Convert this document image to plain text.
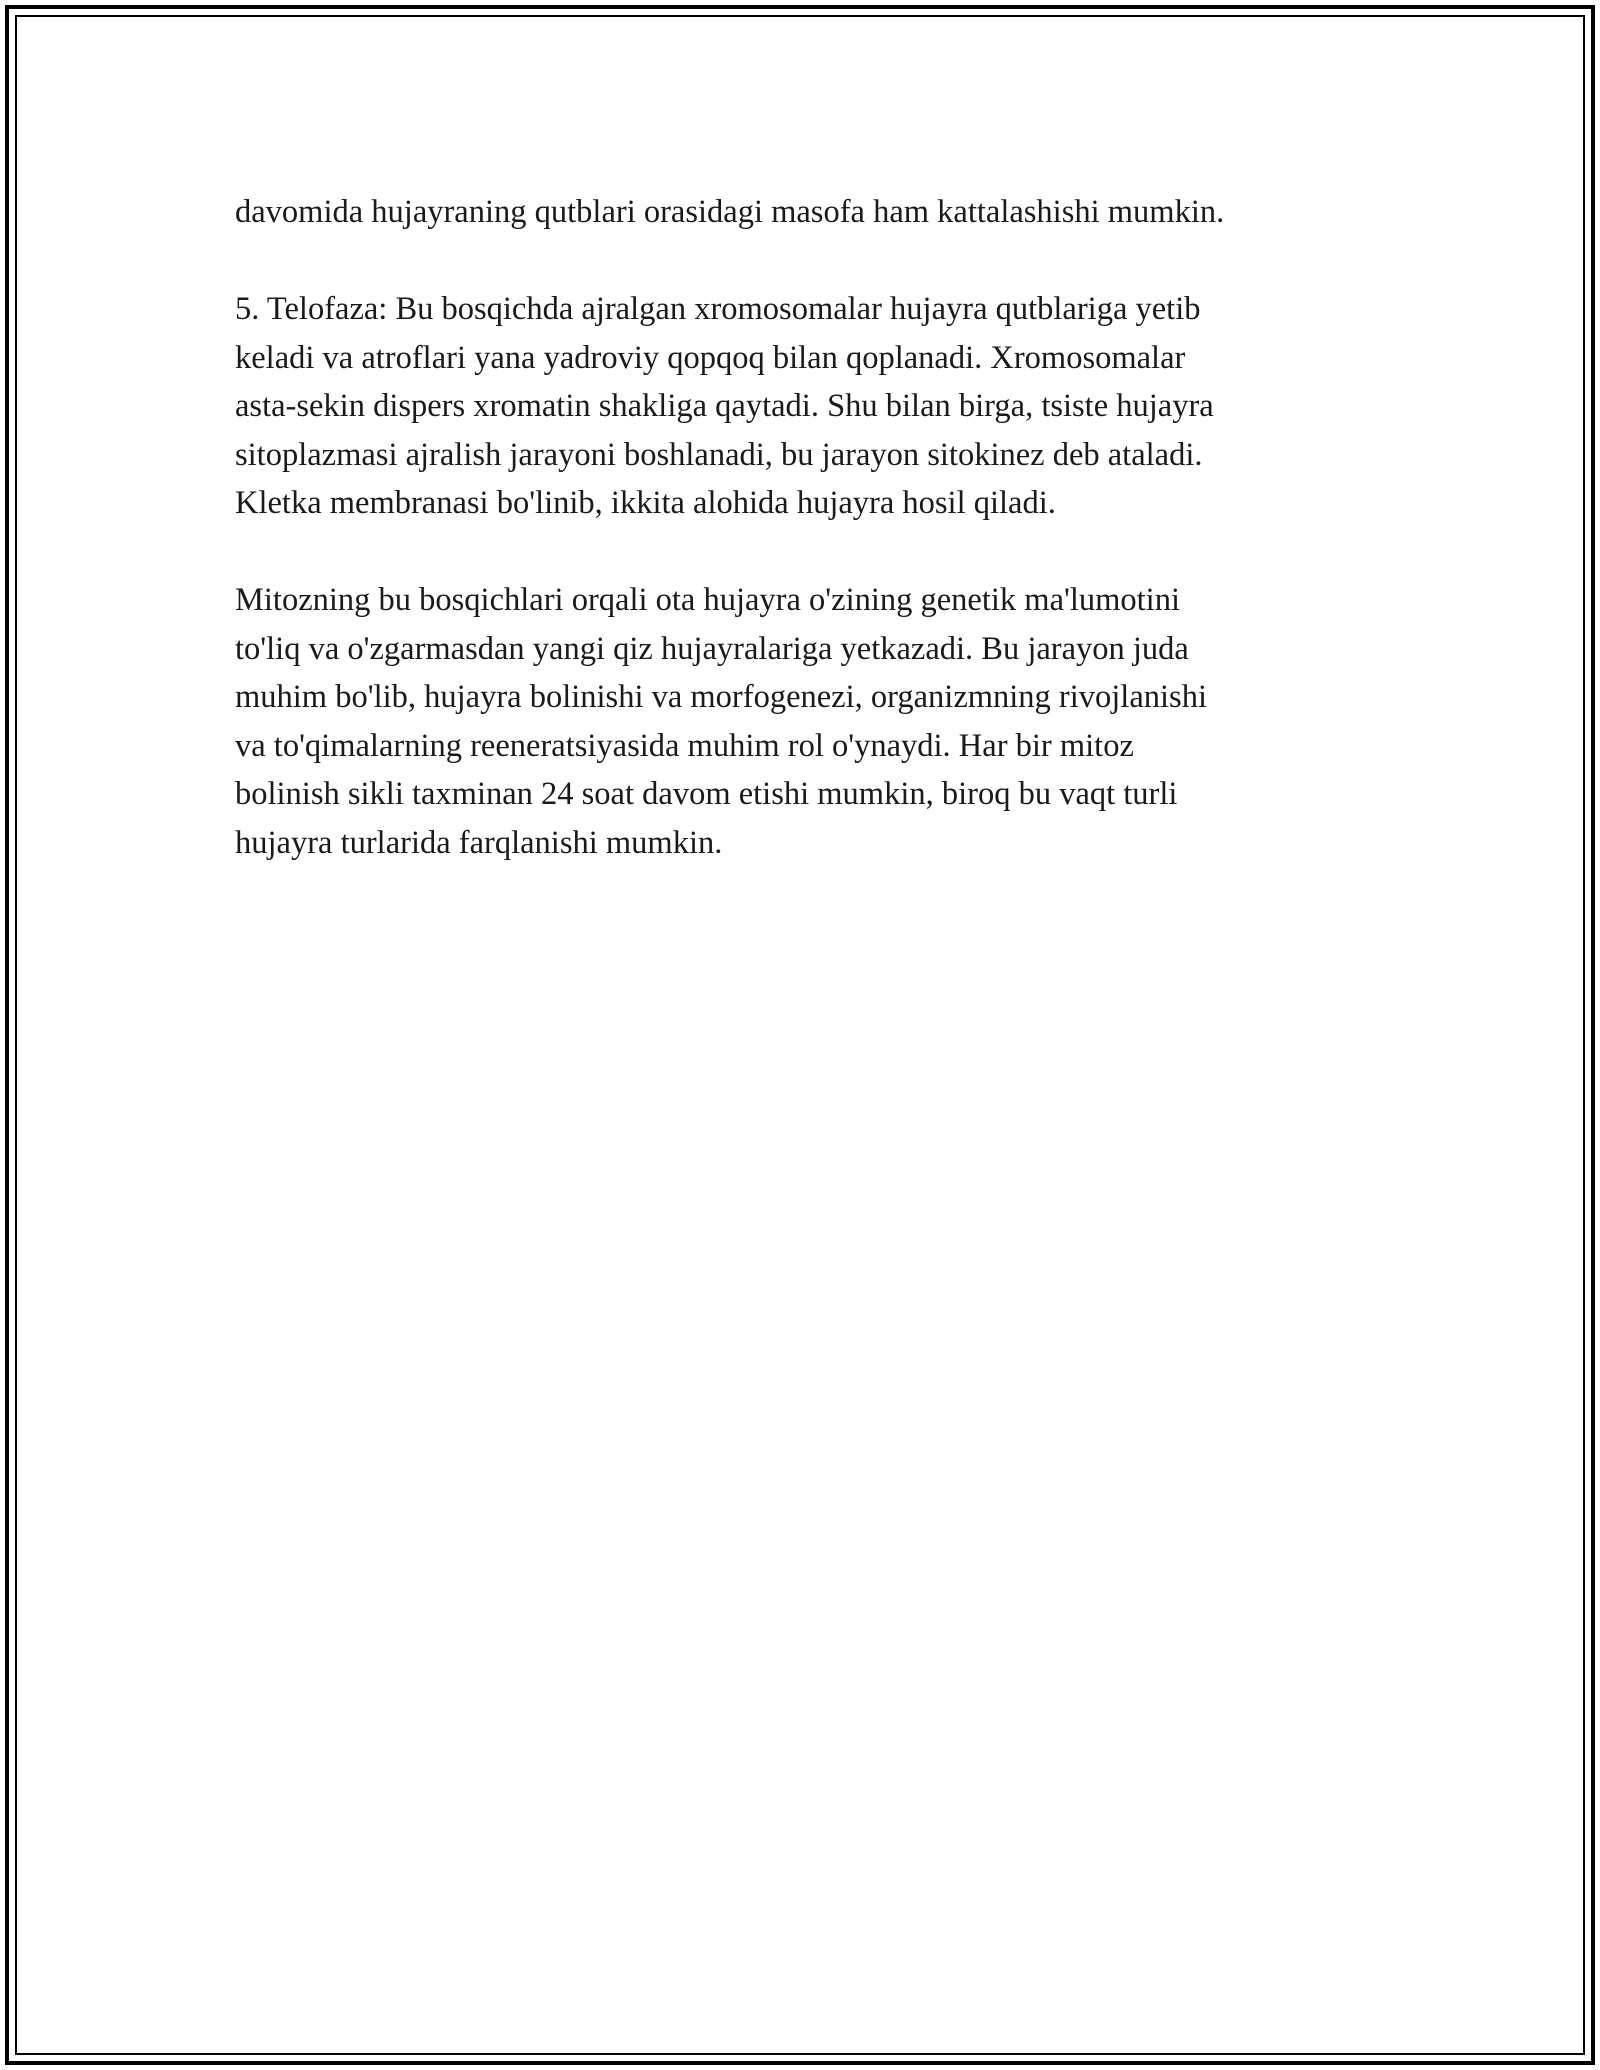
davomida hujayraning qutblari orasidagi masofa ham kattalashishi mumkin.

5. Telofaza: Bu bosqichda ajralgan xromosomalar hujayra qutblariga yetib
keladi va atroflari yana yadroviy qopqoq bilan qoplanadi. Xromosomalar
asta-sekin dispers xromatin shakliga qaytadi. Shu bilan birga, tsiste hujayra
sitoplazmasi ajralish jarayoni boshlanadi, bu jarayon sitokinez deb ataladi.
Kletka membranasi bo'linib, ikkita alohida hujayra hosil qiladi.

Mitozning bu bosqichlari orqali ota hujayra o'zining genetik ma'lumotini
to'liq va o'zgarmasdan yangi qiz hujayralariga yetkazadi. Bu jarayon juda
muhim bo'lib, hujayra bolinishi va morfogenezi, organizmning rivojlanishi
va to'qimalarning reeneratsiyasida muhim rol o'ynaydi. Har bir mitoz
bolinish sikli taxminan 24 soat davom etishi mumkin, biroq bu vaqt turli
hujayra turlarida farqlanishi mumkin.
